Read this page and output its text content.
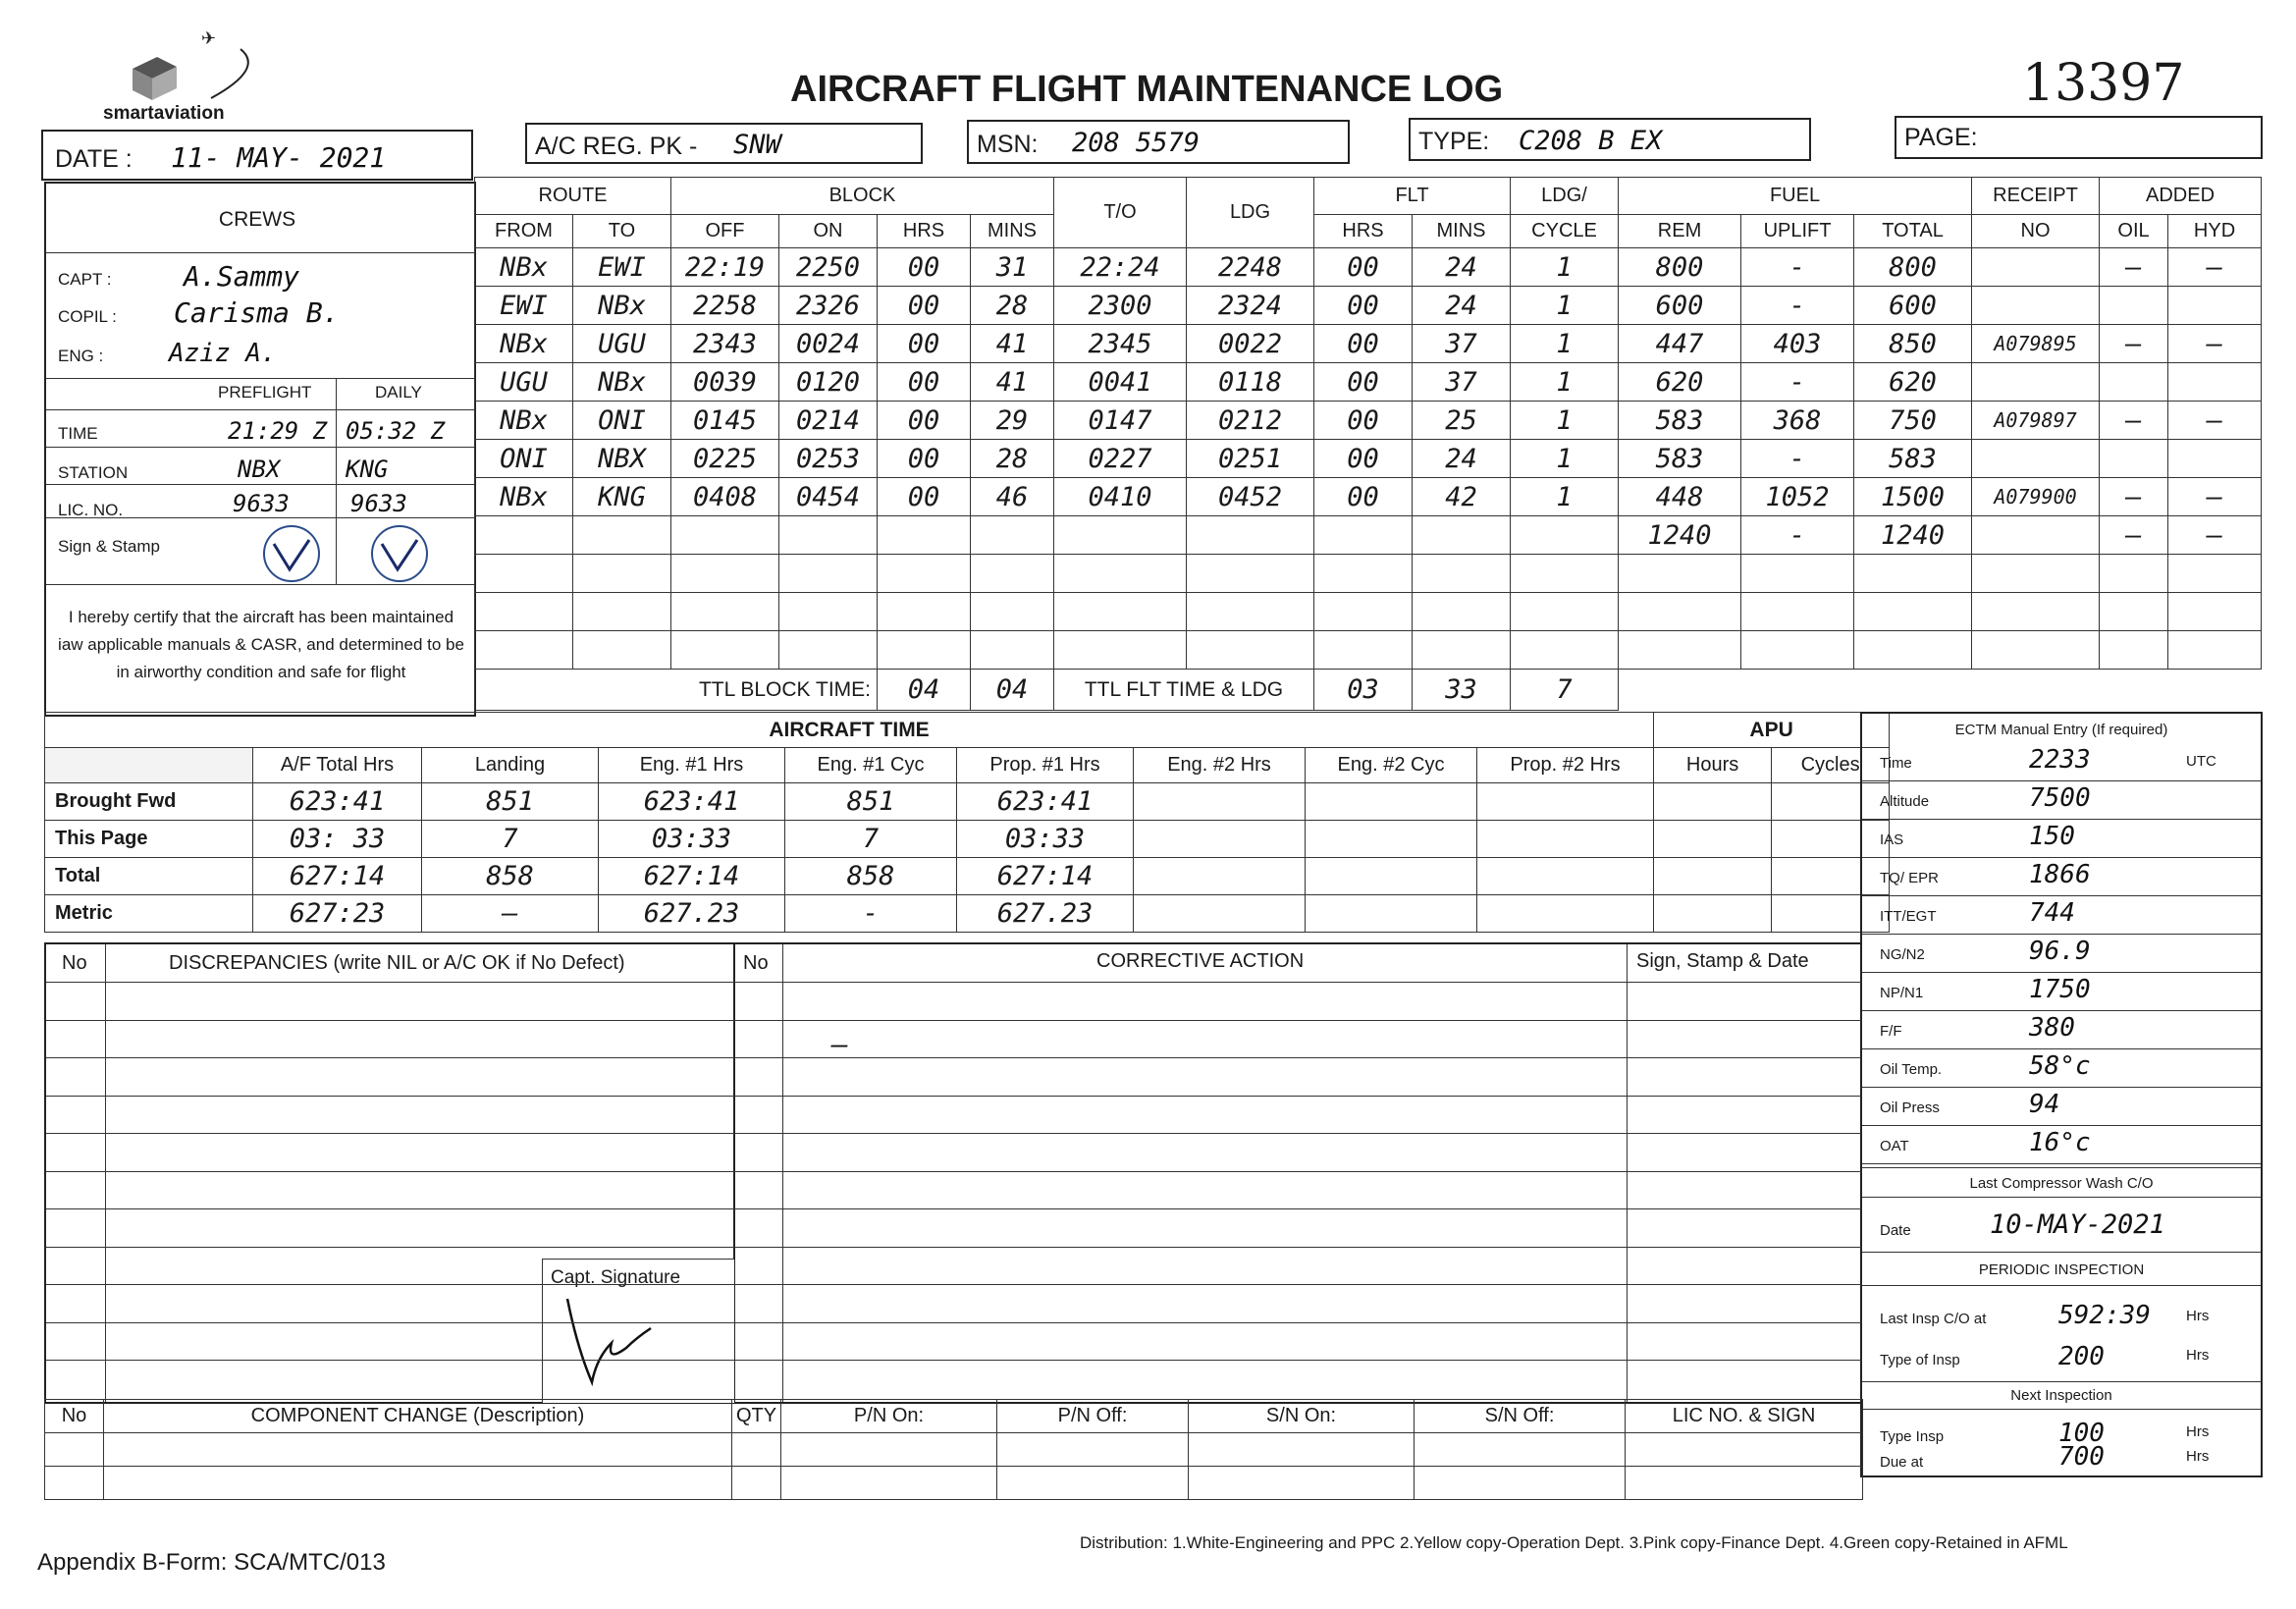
✈
smartaviation
AIRCRAFT FLIGHT MAINTENANCE LOG	13397
DATE : 11- MAY- 2021	A/C REG. PK - SNW	MSN: 208 5579	TYPE: C208 B EX	PAGE:
CREWS
CAPT :	A.Sammy
COPIL : Carisma B.
ENG :	Aziz A.
PREFLIGHT	DAILY
TIME	21:29 Z 05:32 Z
STATION	NBX	KNG
LIC. NO.	9633	9633
Sign & Stamp
I hereby certify that the aircraft has been maintained iaw applicable manuals & CASR, and determined to be in airworthy condition and safe for flight
ROUTE		BLOCK				T/O	LDG	FLT		LDG/	FUEL			RECEIPT	ADDED	
FROM	TO	OFF	ON	HRS	MINS			HRS	MINS	CYCLE	REM	UPLIFT	TOTAL	NO	OIL	HYD
NBx	EWI	22:19	2250	00	31	22:24	2248	00	24	1	800	-	800		—	—
EWI	NBx	2258	2326	00	28	2300	2324	00	24	1	600	-	600			
NBx	UGU	2343	0024	00	41	2345	0022	00	37	1	447	403	850	A079895	—	—
UGU	NBx	0039	0120	00	41	0041	0118	00	37	1	620	-	620			
NBx	ONI	0145	0214	00	29	0147	0212	00	25	1	583	368	750	A079897	—	—
ONI	NBX	0225	0253	00	28	0227	0251	00	24	1	583	-	583			
NBx	KNG	0408	0454	00	46	0410	0452	00	42	1	448	1052	1500	A079900	—	—
											1240	-	1240		—	—

TTL BLOCK TIME:				04	04	TTL FLT TIME & LDG		03	33	7						
AIRCRAFT TIME									APU	
	A/F Total Hrs	Landing	Eng. #1 Hrs	Eng. #1 Cyc	Prop. #1 Hrs	Eng. #2 Hrs	Eng. #2 Cyc	Prop. #2 Hrs	Hours	Cycles
Brought Fwd	623:41	851	623:41	851	623:41					
This Page	03: 33	7	03:33	7	03:33					
Total	627:14	858	627:14	858	627:14					
Metric	627:23	—	627.23	-	627.23					
ECTM Manual Entry (If required)
Last Compressor Wash C/O
Date	10-MAY-2021
PERIODIC INSPECTION
Last Insp C/O at	592:39 Hrs
Type of Insp	200	Hrs
Next Inspection
Type Insp	100	Hrs
Due at	700	Hrs
Time	2233	UTC
Altitude	7500
IAS	150
TQ/ EPR	1866
ITT/EGT	744
NG/N2	96.9
NP/N1	1750
F/F	380
Oil Temp.	58°c
Oil Press	94
OAT	16°c
No	DISCREPANCIES (write NIL or A/C OK if No Defect)	No	CORRECTIVE ACTION	Sign, Stamp & Date
—
Capt. Signature
No	COMPONENT CHANGE (Description)	QTY	P/N On:	P/N Off:	S/N On:	S/N Off:	LIC NO. & SIGN

Appendix B-Form: SCA/MTC/013
Distribution: 1.White-Engineering and PPC 2.Yellow copy-Operation Dept. 3.Pink copy-Finance Dept. 4.Green copy-Retained in AFML
